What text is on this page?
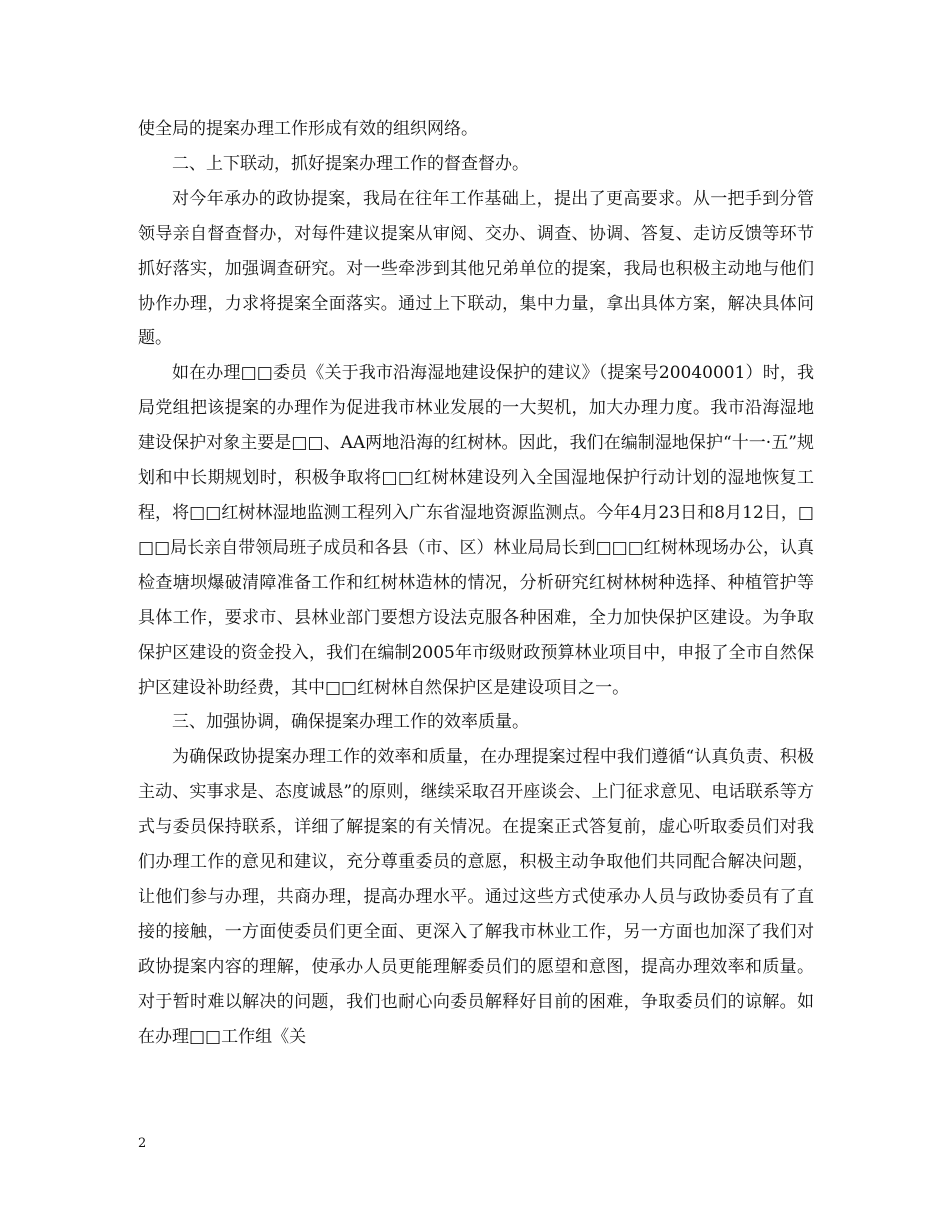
使全局的提案办理工作形成有效的组织网络。

二、上下联动，抓好提案办理工作的督查督办。

对今年承办的政协提案，我局在往年工作基础上，提出了更高要求。从一把手到分管领导亲自督查督办，对每件建议提案从审阅、交办、调查、协调、答复、走访反馈等环节抓好落实，加强调查研究。对一些牵涉到其他兄弟单位的提案，我局也积极主动地与他们协作办理，力求将提案全面落实。通过上下联动，集中力量，拿出具体方案，解决具体问题。

如在办理□□委员《关于我市沿海湿地建设保护的建议》（提案号20040001）时，我局党组把该提案的办理作为促进我市林业发展的一大契机，加大办理力度。我市沿海湿地建设保护对象主要是□□、AA两地沿海的红树林。因此，我们在编制湿地保护“十一·五”规划和中长期规划时，积极争取将□□红树林建设列入全国湿地保护行动计划的湿地恢复工程，将□□红树林湿地监测工程列入广东省湿地资源监测点。今年4月23日和8月12日，□□□局长亲自带领局班子成员和各县（市、区）林业局局长到□□□红树林现场办公，认真检查塘坝爆破清障准备工作和红树林造林的情况，分析研究红树林树种选择、种植管护等具体工作，要求市、县林业部门要想方设法克服各种困难，全力加快保护区建设。为争取保护区建设的资金投入，我们在编制2005年市级财政预算林业项目中，申报了全市自然保护区建设补助经费，其中□□红树林自然保护区是建设项目之一。

三、加强协调，确保提案办理工作的效率质量。

为确保政协提案办理工作的效率和质量，在办理提案过程中我们遵循“认真负责、积极主动、实事求是、态度诚恳”的原则，继续采取召开座谈会、上门征求意见、电话联系等方式与委员保持联系，详细了解提案的有关情况。在提案正式答复前，虚心听取委员们对我们办理工作的意见和建议，充分尊重委员的意愿，积极主动争取他们共同配合解决问题，让他们参与办理，共商办理，提高办理水平。通过这些方式使承办人员与政协委员有了直接的接触，一方面使委员们更全面、更深入了解我市林业工作，另一方面也加深了我们对政协提案内容的理解，使承办人员更能理解委员们的愿望和意图，提高办理效率和质量。对于暂时难以解决的问题，我们也耐心向委员解释好目前的困难，争取委员们的谅解。如在办理□□工作组《关

2
